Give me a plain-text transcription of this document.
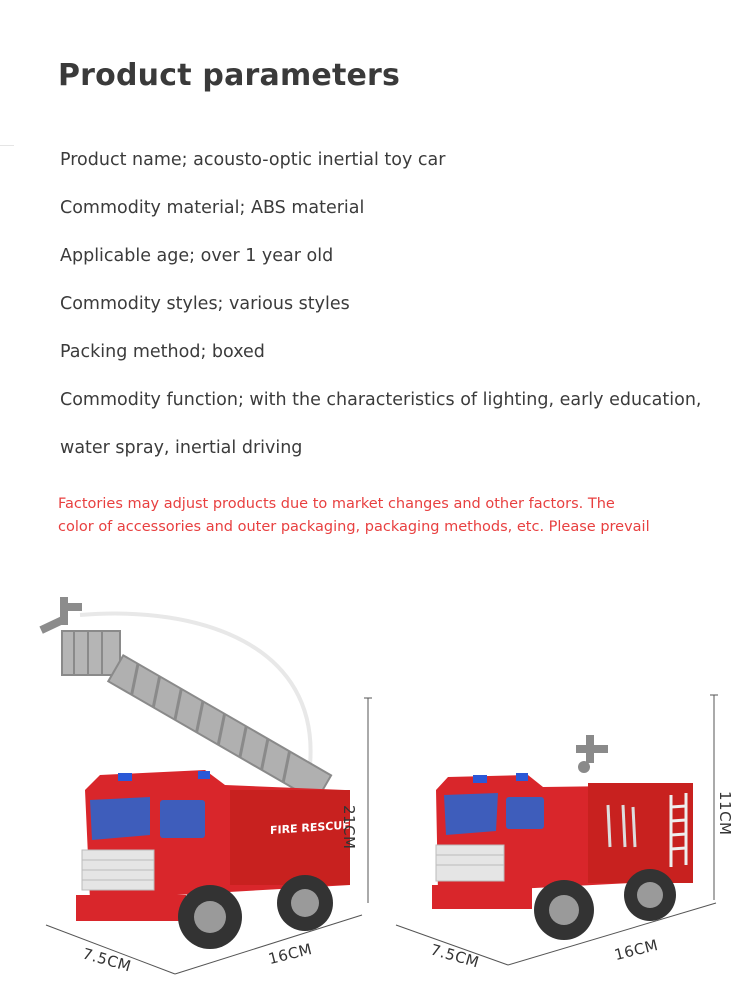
Product parameters
Product name; acousto-optic inertial toy car
Commodity material; ABS material
Applicable age; over 1 year old
Commodity styles; various styles
Packing method; boxed
Commodity function; with the characteristics of lighting, early education,
water spray, inertial driving
Factories may adjust products due to market changes and other factors. The
color of accessories and outer packaging, packaging methods, etc. Please prevail
FIRE RESCUE
21CM
16CM
7.5CM
11CM
16CM
7.5CM
